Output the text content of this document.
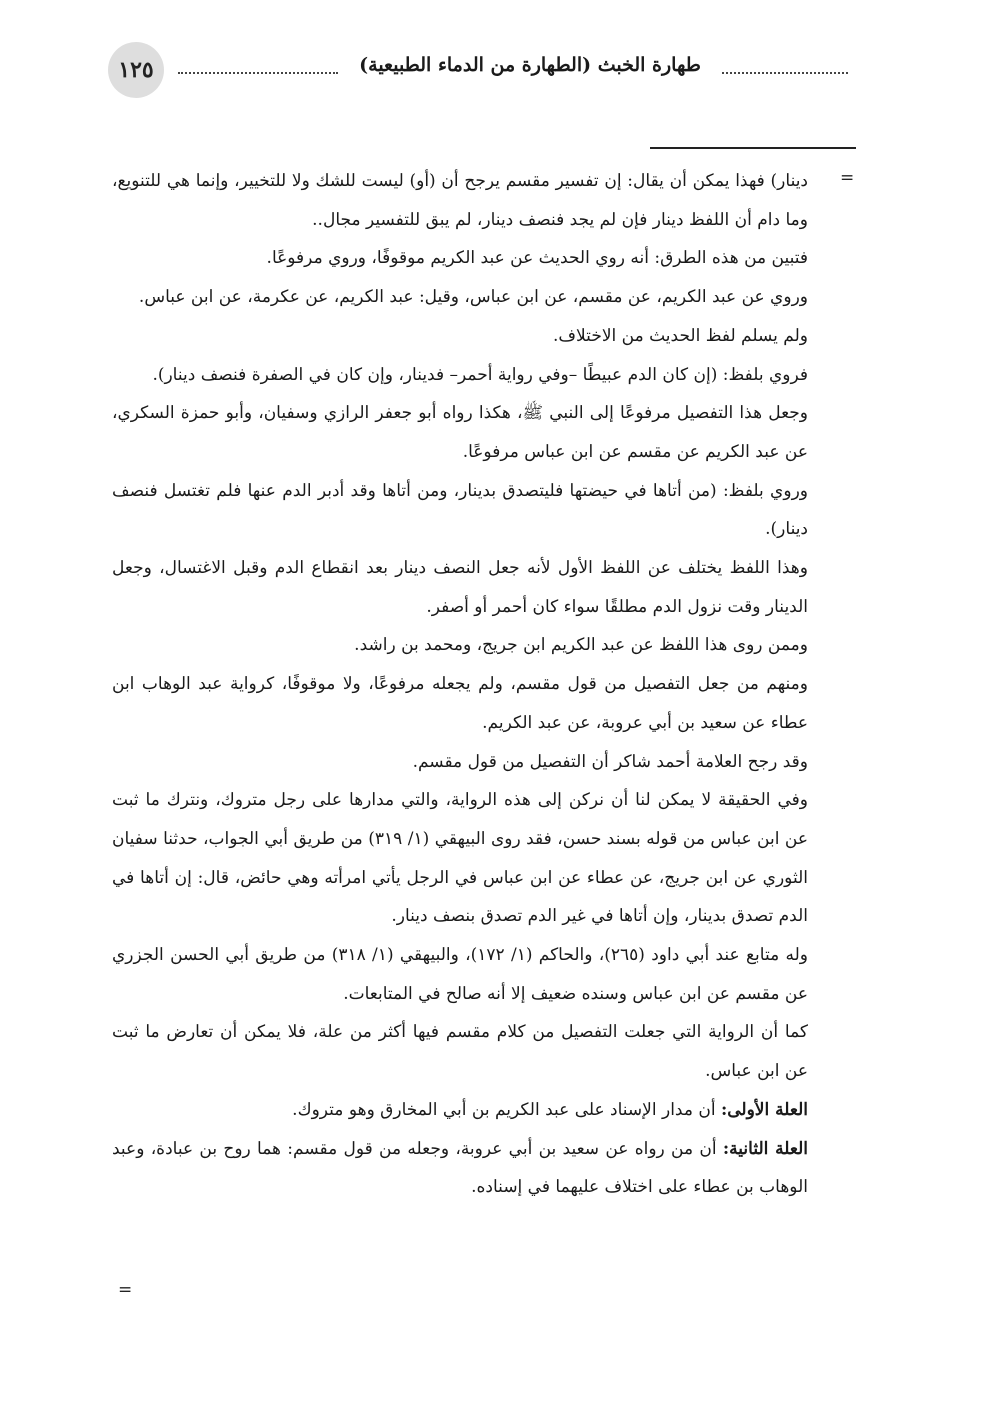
١٢٥	طهارة الخبث (الطهارة من الدماء الطبيعية)
=

دينار) فهذا يمكن أن يقال: إن تفسير مقسم يرجح أن (أو) ليست للشك ولا للتخيير، وإنما هي للتنويع، وما دام أن اللفظ دينار فإن لم يجد فنصف دينار، لم يبق للتفسير مجال..

فتبين من هذه الطرق: أنه روي الحديث عن عبد الكريم موقوفًا، وروي مرفوعًا.

وروي عن عبد الكريم، عن مقسم، عن ابن عباس، وقيل: عبد الكريم، عن عكرمة، عن ابن عباس.

ولم يسلم لفظ الحديث من الاختلاف.

فروي بلفظ: (إن كان الدم عبيطًا –وفي رواية أحمر– فدينار، وإن كان في الصفرة فنصف دينار).

وجعل هذا التفصيل مرفوعًا إلى النبي ﷺ، هكذا رواه أبو جعفر الرازي وسفيان، وأبو حمزة السكري، عن عبد الكريم عن مقسم عن ابن عباس مرفوعًا.

وروي بلفظ: (من أتاها في حيضتها فليتصدق بدينار، ومن أتاها وقد أدبر الدم عنها فلم تغتسل فنصف دينار).

وهذا اللفظ يختلف عن اللفظ الأول لأنه جعل النصف دينار بعد انقطاع الدم وقبل الاغتسال، وجعل الدينار وقت نزول الدم مطلقًا سواء كان أحمر أو أصفر.

وممن روى هذا اللفظ عن عبد الكريم ابن جريج، ومحمد بن راشد.

ومنهم من جعل التفصيل من قول مقسم، ولم يجعله مرفوعًا، ولا موقوفًا، كرواية عبد الوهاب ابن عطاء عن سعيد بن أبي عروبة، عن عبد الكريم.

وقد رجح العلامة أحمد شاكر أن التفصيل من قول مقسم.

وفي الحقيقة لا يمكن لنا أن نركن إلى هذه الرواية، والتي مدارها على رجل متروك، ونترك ما ثبت عن ابن عباس من قوله بسند حسن، فقد روى البيهقي (١/ ٣١٩) من طريق أبي الجواب، حدثنا سفيان الثوري عن ابن جريج، عن عطاء عن ابن عباس في الرجل يأتي امرأته وهي حائض، قال: إن أتاها في الدم تصدق بدينار، وإن أتاها في غير الدم تصدق بنصف دينار.

وله متابع عند أبي داود (٢٦٥)، والحاكم (١/ ١٧٢)، والبيهقي (١/ ٣١٨) من طريق أبي الحسن الجزري عن مقسم عن ابن عباس وسنده ضعيف إلا أنه صالح في المتابعات.

كما أن الرواية التي جعلت التفصيل من كلام مقسم فيها أكثر من علة، فلا يمكن أن تعارض ما ثبت عن ابن عباس.

العلة الأولى: أن مدار الإسناد على عبد الكريم بن أبي المخارق وهو متروك.

العلة الثانية: أن من رواه عن سعيد بن أبي عروبة، وجعله من قول مقسم: هما روح بن عبادة، وعبد الوهاب بن عطاء على اختلاف عليهما في إسناده.

=
